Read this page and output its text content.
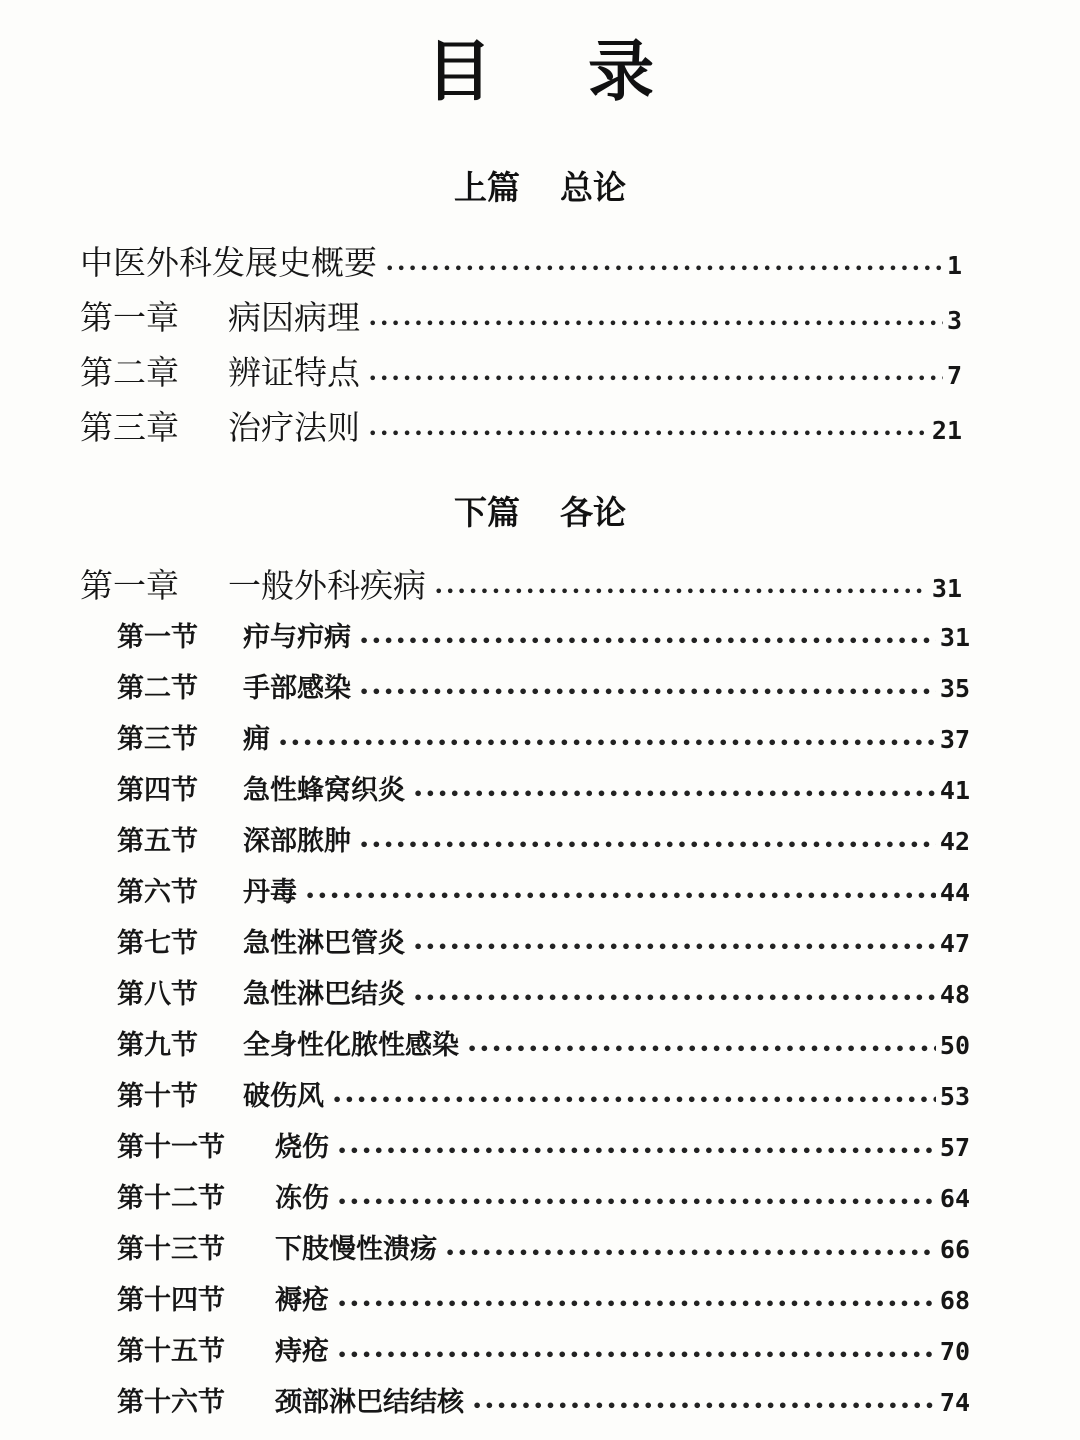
目 录
上篇 总论
中医外科发展史概要 •••••	1
第一章	病因病理 •••••	3
第二章	辨证特点 •••••	7
第三章	治疗法则 •••••	21
下篇 各论
第一章	一般外科疾病 •••••	31
第一节	疖与疖病 •••••	31
第二节	手部感染 •••••	35
第三节	痈 •••••	37
第四节	急性蜂窝织炎 •••••	41
第五节	深部脓肿 •••••	42
第六节	丹毒 •••••	44
第七节	急性淋巴管炎 •••••	47
第八节	急性淋巴结炎 •••••	48
第九节	全身性化脓性感染 •••••	50
第十节	破伤风 •••••	53
第十一节	烧伤 •••••	57
第十二节	冻伤 •••••	64
第十三节	下肢慢性溃疡 •••••	66
第十四节	褥疮 •••••	68
第十五节	痔疮 •••••	70
第十六节	颈部淋巴结结核 •••••	74
